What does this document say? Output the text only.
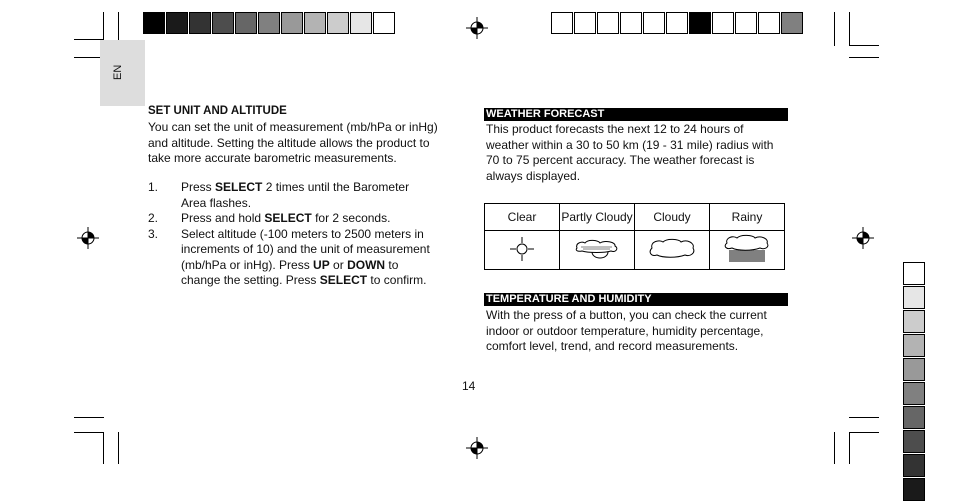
EN
SET UNIT AND ALTITUDE
You can set the unit of measurement (mb/hPa or inHg)
and altitude. Setting the altitude allows the product to
take more accurate barometric measurements.
1. Press SELECT 2 times until the Barometer
Area flashes.
2. Press and hold SELECT for 2 seconds.
3. Select altitude (-100 meters to 2500 meters in
increments of 10) and the unit of measurement
(mb/hPa or inHg). Press UP or DOWN to
change the setting. Press SELECT to confirm.
WEATHER FORECAST
This product forecasts the next 12 to 24 hours of
weather within a 30 to 50 km (19 - 31 mile) radius with
70 to 75 percent accuracy. The weather forecast is
always displayed.
Clear	Partly Cloudy	Cloudy	Rainy

TEMPERATURE AND HUMIDITY
With the press of a button, you can check the current
indoor or outdoor temperature, humidity percentage,
comfort level, trend, and record measurements.
14
